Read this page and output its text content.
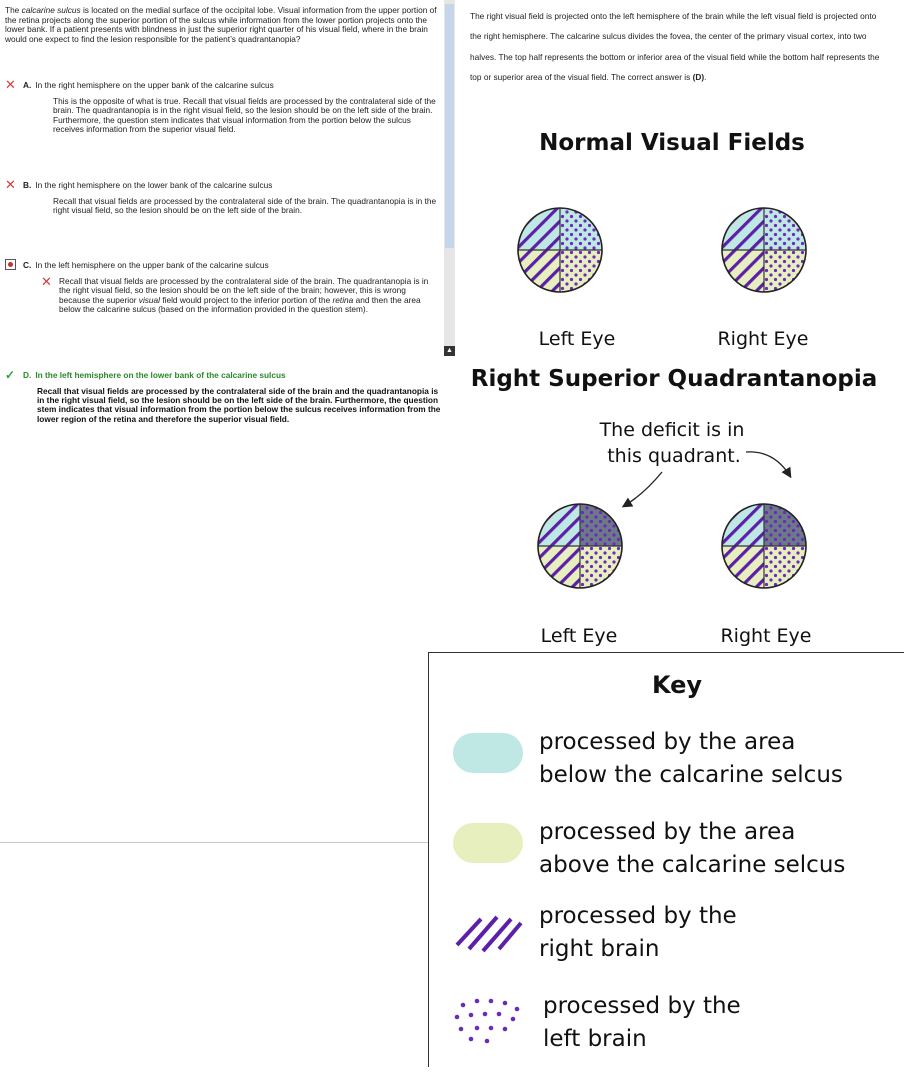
The calcarine sulcus is located on the medial surface of the occipital lobe. Visual information from the upper portion of the retina projects along the superior portion of the sulcus while information from the lower portion projects onto the lower bank. If a patient presents with blindness in just the superior right quarter of his visual field, where in the brain would one expect to find the lesion responsible for the patient’s quadrantanopia?
✕ A. In the right hemisphere on the upper bank of the calcarine sulcus
This is the opposite of what is true. Recall that visual fields are processed by the contralateral side of the brain. The quadrantanopia is in the right visual field, so the lesion should be on the left side of the brain. Furthermore, the question stem indicates that visual information from the portion below the sulcus receives information from the superior visual field.
✕ B. In the right hemisphere on the lower bank of the calcarine sulcus
Recall that visual fields are processed by the contralateral side of the brain. The quadrantanopia is in the right visual field, so the lesion should be on the left side of the brain.
C. In the left hemisphere on the upper bank of the calcarine sulcus
✕ Recall that visual fields are processed by the contralateral side of the brain. The quadrantanopia is in the right visual field, so the lesion should be on the left side of the brain; however, this is wrong because the superior visual field would project to the inferior portion of the retina and then the area below the calcarine sulcus (based on the information provided in the question stem).
✓ D. In the left hemisphere on the lower bank of the calcarine sulcus
Recall that visual fields are processed by the contralateral side of the brain and the quadrantanopia is in the right visual field, so the lesion should be on the left side of the brain. Furthermore, the question stem indicates that visual information from the portion below the sulcus receives information from the lower region of the retina and therefore the superior visual field.
▲
The right visual field is projected onto the left hemisphere of the brain while the left visual field is projected onto the right hemisphere. The calcarine sulcus divides the fovea, the center of the primary visual cortex, into two halves. The top half represents the bottom or inferior area of the visual field while the bottom half represents the top or superior area of the visual field. The correct answer is (D).
Normal Visual Fields
Left Eye	Right Eye
Right Superior Quadrantanopia
The deficit is in
this quadrant.
Left Eye	Right Eye
Key
processed by the area
below the calcarine selcus
processed by the area
above the calcarine selcus
processed by the
right brain
processed by the
left brain
